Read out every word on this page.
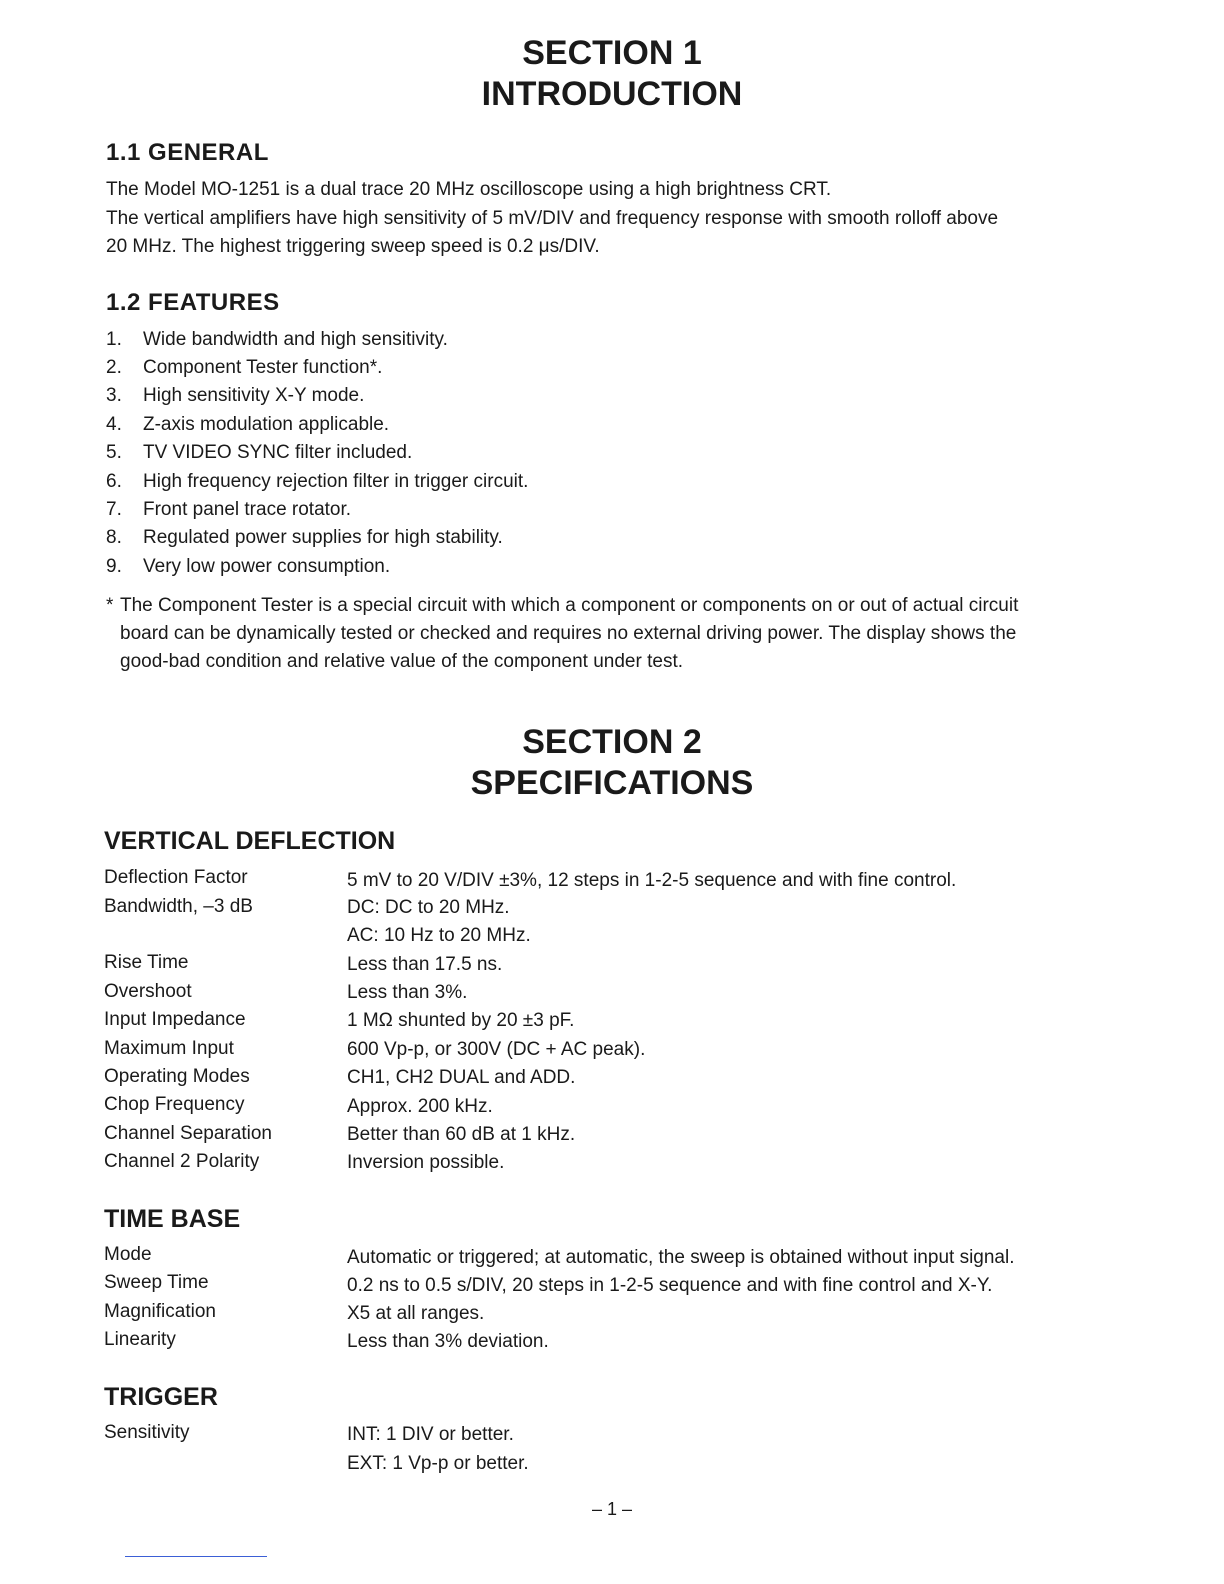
SECTION 1
INTRODUCTION
1.1 GENERAL
The Model MO-1251 is a dual trace 20 MHz oscilloscope using a high brightness CRT.
The vertical amplifiers have high sensitivity of 5 mV/DIV and frequency response with smooth rolloff above
20 MHz. The highest triggering sweep speed is 0.2 μs/DIV.
1.2 FEATURES
1. Wide bandwidth and high sensitivity.
2. Component Tester function*.
3. High sensitivity X-Y mode.
4. Z-axis modulation applicable.
5. TV VIDEO SYNC filter included.
6. High frequency rejection filter in trigger circuit.
7. Front panel trace rotator.
8. Regulated power supplies for high stability.
9. Very low power consumption.
* The Component Tester is a special circuit with which a component or components on or out of actual circuit
board can be dynamically tested or checked and requires no external driving power. The display shows the
good-bad condition and relative value of the component under test.
SECTION 2
SPECIFICATIONS
VERTICAL DEFLECTION
Deflection Factor	5 mV to 20 V/DIV ±3%, 12 steps in 1-2-5 sequence and with fine control.
Bandwidth, –3 dB	DC: DC to 20 MHz.
AC: 10 Hz to 20 MHz.
Rise Time	Less than 17.5 ns.
Overshoot	Less than 3%.
Input Impedance	1 MΩ shunted by 20 ±3 pF.
Maximum Input	600 Vp-p, or 300V (DC + AC peak).
Operating Modes	CH1, CH2 DUAL and ADD.
Chop Frequency	Approx. 200 kHz.
Channel Separation	Better than 60 dB at 1 kHz.
Channel 2 Polarity	Inversion possible.
TIME BASE
Mode	Automatic or triggered; at automatic, the sweep is obtained without input signal.
Sweep Time	0.2 ns to 0.5 s/DIV, 20 steps in 1-2-5 sequence and with fine control and X-Y.
Magnification	X5 at all ranges.
Linearity	Less than 3% deviation.
TRIGGER
Sensitivity	INT: 1 DIV or better.
EXT: 1 Vp-p or better.
– 1 –
